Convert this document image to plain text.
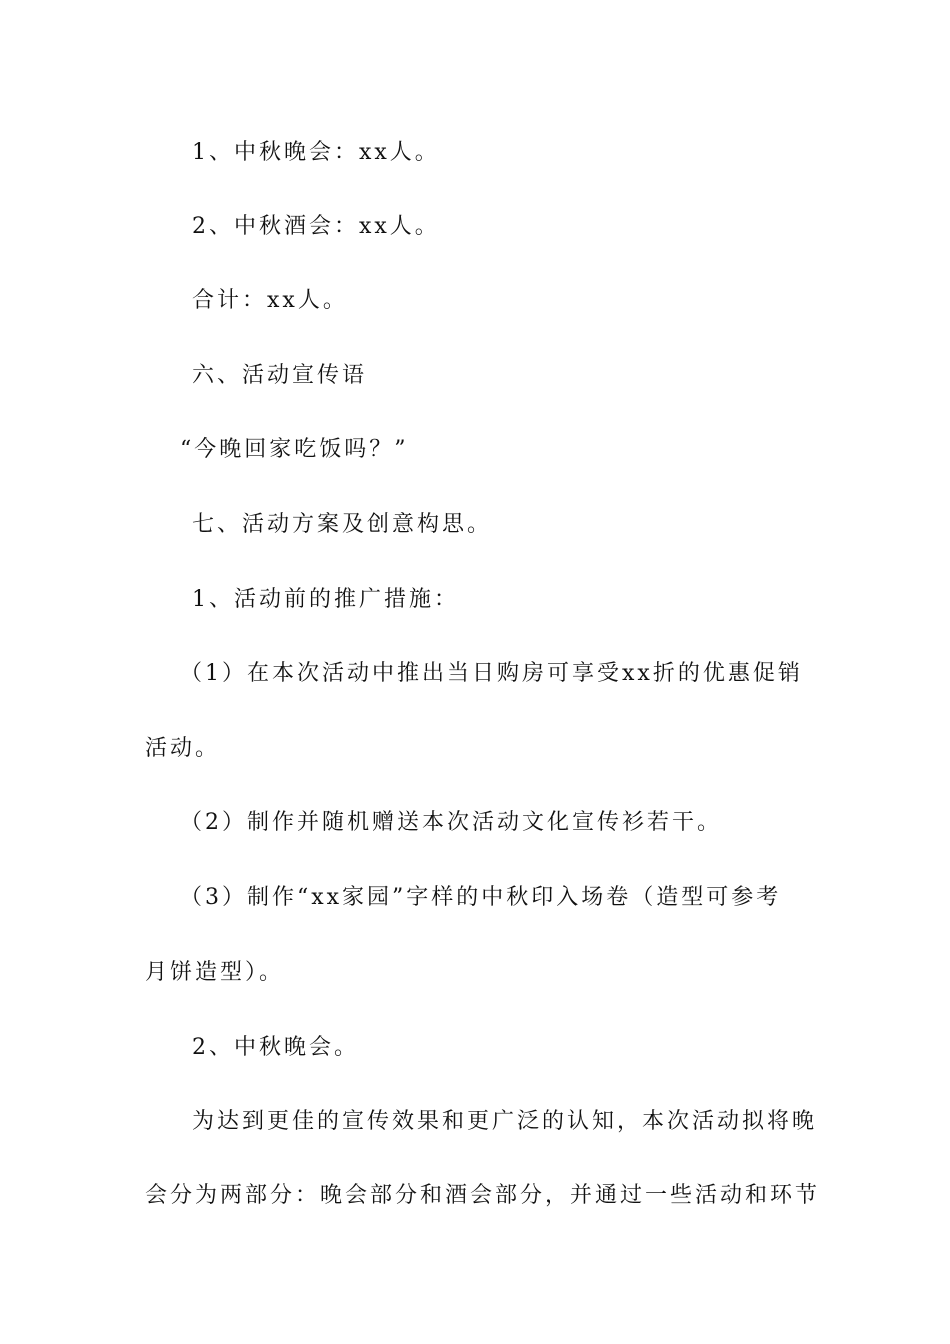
1、中秋晚会：xx人。
2、中秋酒会：xx人。
合计：xx人。
六、活动宣传语
“今晚回家吃饭吗？”
七、活动方案及创意构思。
1、活动前的推广措施：
（1）在本次活动中推出当日购房可享受xx折的优惠促销
活动。
（2）制作并随机赠送本次活动文化宣传衫若干。
（3）制作“xx家园”字样的中秋印入场卷（造型可参考
月饼造型）。
2、中秋晚会。
为达到更佳的宣传效果和更广泛的认知，本次活动拟将晚
会分为两部分：晚会部分和酒会部分，并通过一些活动和环节
